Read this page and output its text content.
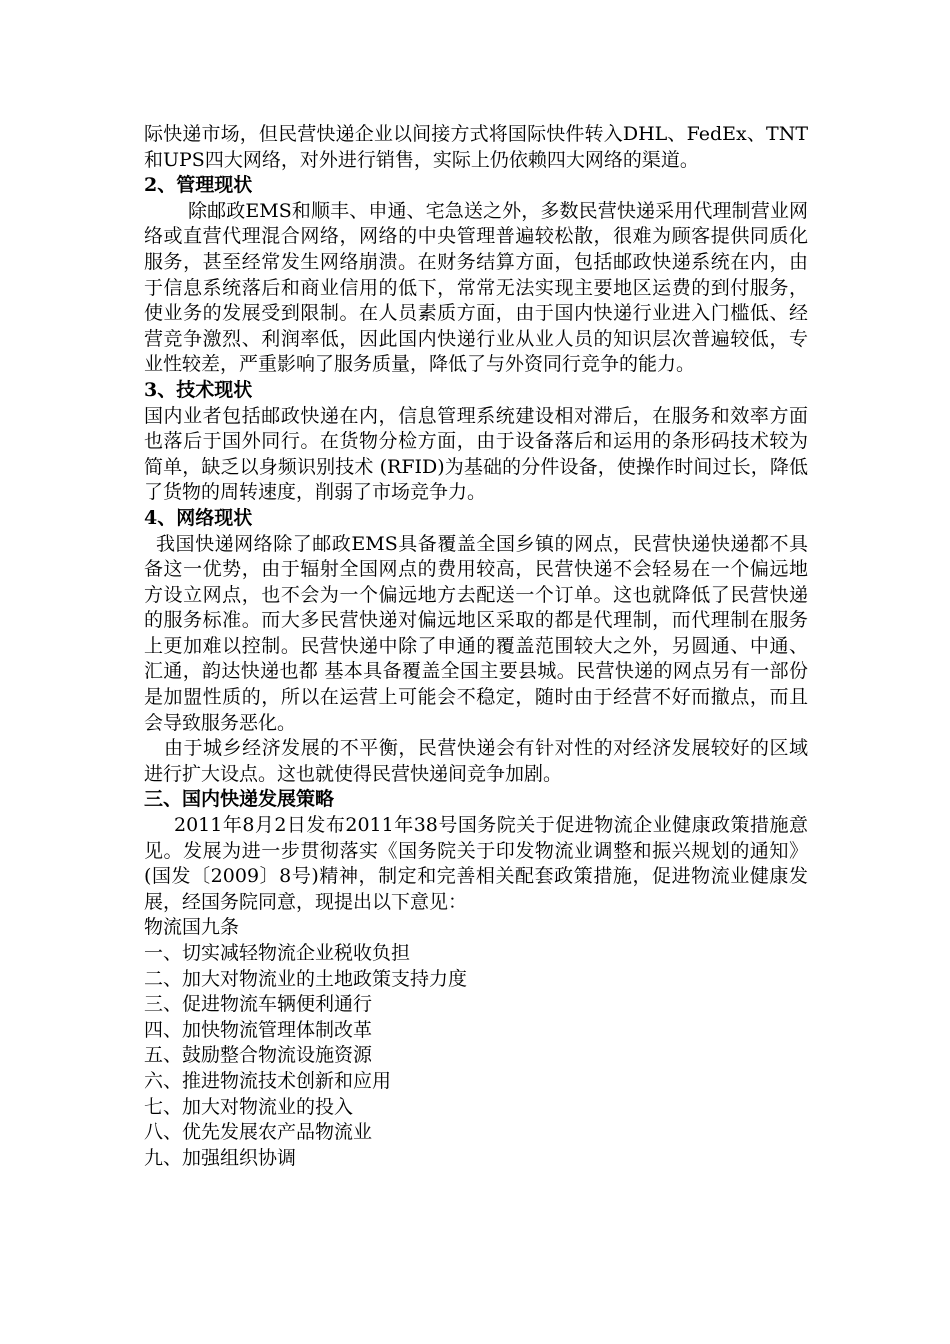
际快递市场，但民营快递企业以间接方式将国际快件转入DHL、FedEx、TNT和UPS四大网络，对外进行销售，实际上仍依赖四大网络的渠道。

2、管理现状

除邮政EMS和顺丰、申通、宅急送之外，多数民营快递采用代理制营业网络或直营代理混合网络，网络的中央管理普遍较松散，很难为顾客提供同质化服务，甚至经常发生网络崩溃。在财务结算方面，包括邮政快递系统在内，由于信息系统落后和商业信用的低下，常常无法实现主要地区运费的到付服务，使业务的发展受到限制。在人员素质方面，由于国内快递行业进入门槛低、经营竞争激烈、利润率低，因此国内快递行业从业人员的知识层次普遍较低，专业性较差，严重影响了服务质量，降低了与外资同行竞争的能力。

3、技术现状

国内业者包括邮政快递在内，信息管理系统建设相对滞后，在服务和效率方面也落后于国外同行。在货物分检方面，由于设备落后和运用的条形码技术较为简单，缺乏以身频识别技术 (RFID)为基础的分件设备，使操作时间过长，降低了货物的周转速度，削弱了市场竞争力。

4、网络现状

我国快递网络除了邮政EMS具备覆盖全国乡镇的网点，民营快递快递都不具备这一优势，由于辐射全国网点的费用较高，民营快递不会轻易在一个偏远地方设立网点，也不会为一个偏远地方去配送一个订单。这也就降低了民营快递的服务标准。而大多民营快递对偏远地区采取的都是代理制，而代理制在服务上更加难以控制。民营快递中除了申通的覆盖范围较大之外，另圆通、中通、汇通，韵达快递也都 基本具备覆盖全国主要县城。民营快递的网点另有一部份是加盟性质的，所以在运营上可能会不稳定，随时由于经营不好而撤点，而且会导致服务恶化。

由于城乡经济发展的不平衡，民营快递会有针对性的对经济发展较好的区域进行扩大设点。这也就使得民营快递间竞争加剧。

三、国内快递发展策略

2011年8月2日发布2011年38号国务院关于促进物流企业健康政策措施意见。发展为进一步贯彻落实《国务院关于印发物流业调整和振兴规划的通知》(国发〔2009〕8号)精神，制定和完善相关配套政策措施，促进物流业健康发展，经国务院同意，现提出以下意见：

物流国九条

一、切实减轻物流企业税收负担

二、加大对物流业的土地政策支持力度

三、促进物流车辆便利通行

四、加快物流管理体制改革

五、鼓励整合物流设施资源

六、推进物流技术创新和应用

七、加大对物流业的投入

八、优先发展农产品物流业

九、加强组织协调
